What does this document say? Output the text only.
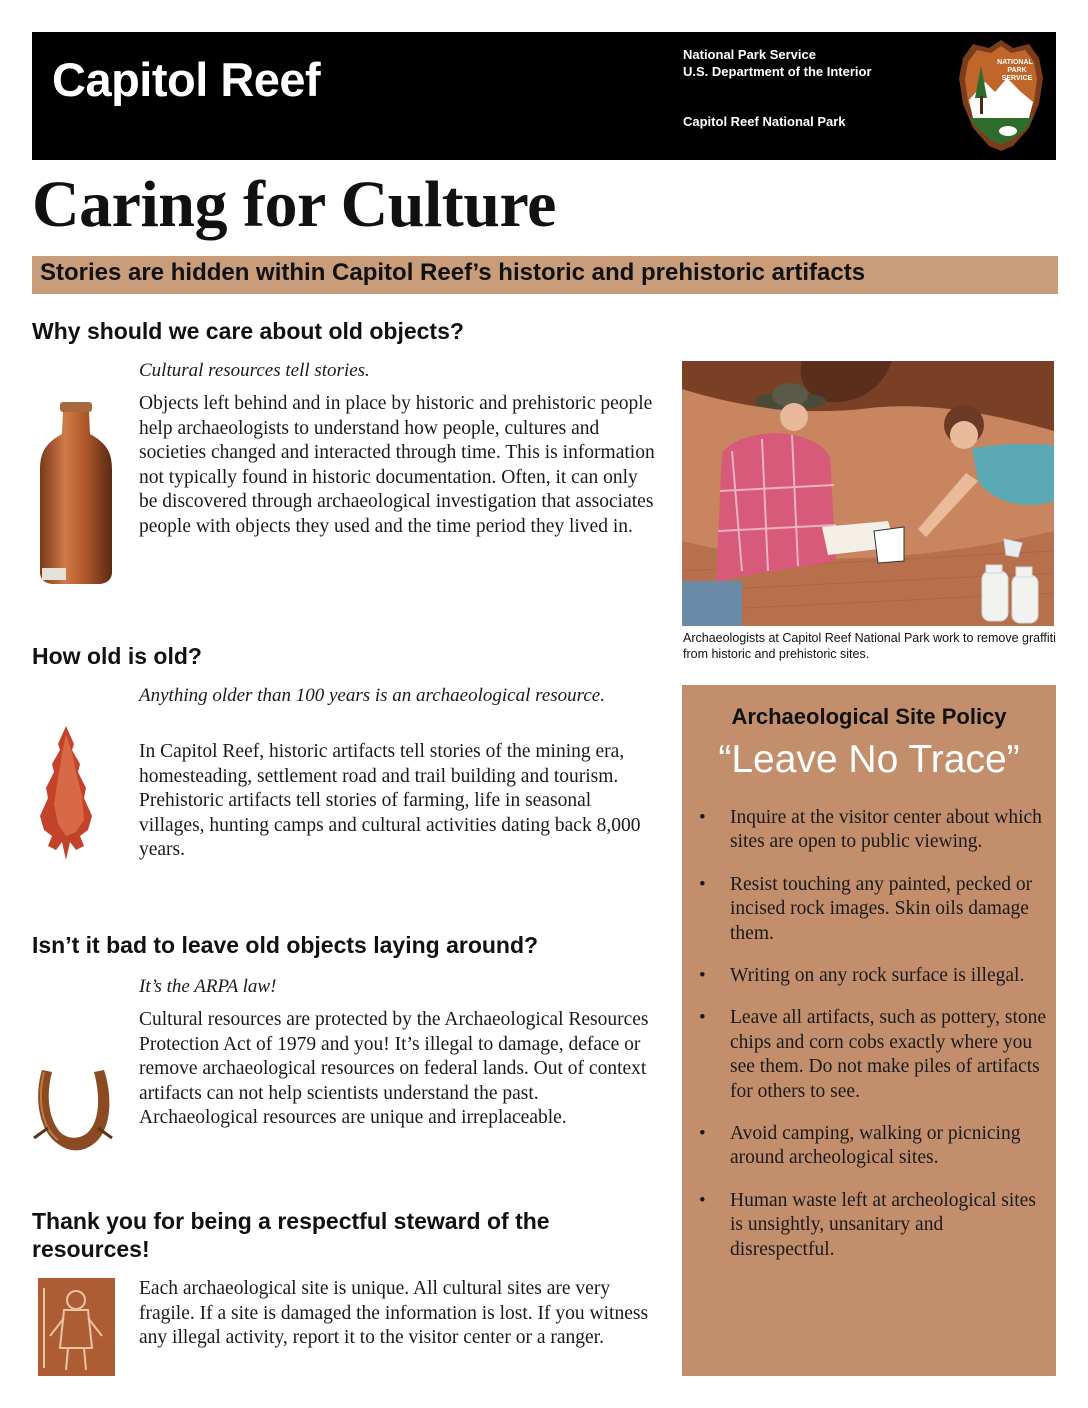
Capitol Reef	National Park Service
U.S. Department of the Interior
Capitol Reef National Park
NATIONAL
PARK
SERVICE
Caring for Culture
Stories are hidden within Capitol Reef’s historic and prehistoric artifacts
Why should we care about old objects?

Cultural resources tell stories.

Objects left behind and in place by historic and prehistoric people help archaeologists to understand how people, cultures and societies changed and interacted through time. This is information not typically found in historic documentation. Often, it can only be discovered through archaeological investigation that associates people with objects they used and the time period they lived in.

How old is old?

Anything older than 100 years is an archaeological resource.

In Capitol Reef, historic artifacts tell stories of the mining era, homesteading, settlement road and trail building and tourism. Prehistoric artifacts tell stories of farming, life in seasonal villages, hunting camps and cultural activities dating back 8,000 years.

Isn’t it bad to leave old objects laying around?

It’s the ARPA law!

Cultural resources are protected by the Archaeological Resources Protection Act of 1979 and you! It’s illegal to damage, deface or remove archaeological resources on federal lands. Out of context artifacts can not help scientists understand the past. Archaeological resources are unique and irreplaceable.

Thank you for being a respectful steward of the resources!

Each archaeological site is unique. All cultural sites are very fragile. If a site is damaged the information is lost. If you witness any illegal activity, report it to the visitor center or a ranger.

Archaeologists at Capitol Reef National Park work to remove graffiti from historic and prehistoric sites.
Archaeological Site Policy
“Leave No Trace”
• Inquire at the visitor center about which sites are open to public viewing.
• Resist touching any painted, pecked or incised rock images. Skin oils damage them.
• Writing on any rock surface is illegal.
• Leave all artifacts, such as pottery, stone chips and corn cobs exactly where you see them. Do not make piles of artifacts for others to see.
• Avoid camping, walking or picnicing around archeological sites.
• Human waste left at archeological sites is unsightly, unsanitary and disrespectful.
